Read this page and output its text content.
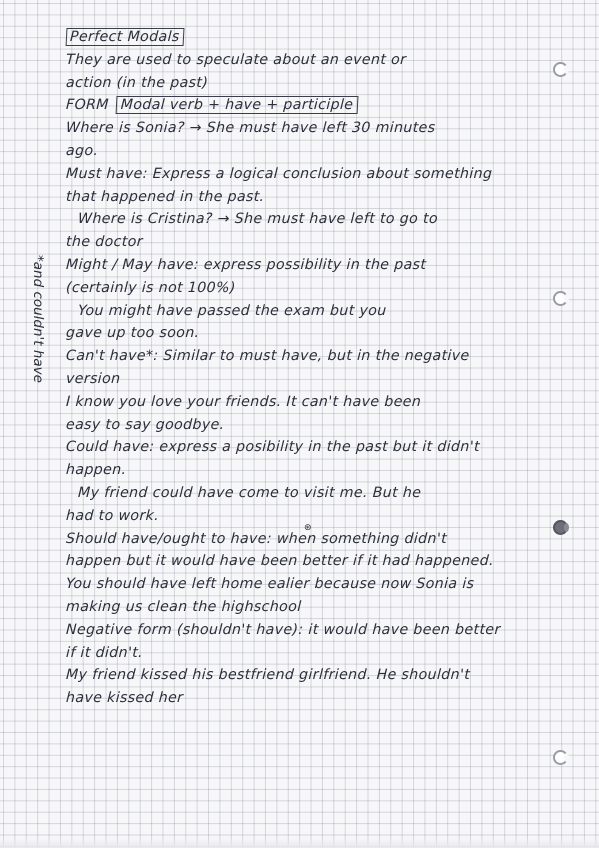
*and couldn't have
⊛
Perfect Modals
They are used to speculate about an event or
action (in the past)
FORM Modal verb + have + participle
Where is Sonia? → She must have left 30 minutes
ago.
Must have: Express a logical conclusion about something
that happened in the past.
Where is Cristina? → She must have left to go to
the doctor
Might / May have: express possibility in the past
(certainly is not 100%)
You might have passed the exam but you
gave up too soon.
Can't have*: Similar to must have, but in the negative
version
I know you love your friends. It can't have been
easy to say goodbye.
Could have: express a posibility in the past but it didn't
happen.
My friend could have come to visit me. But he
had to work.
Should have/ought to have: when something didn't
happen but it would have been better if it had happened.
You should have left home ealier because now Sonia is
making us clean the highschool
Negative form (shouldn't have): it would have been better
if it didn't.
My friend kissed his bestfriend girlfriend. He shouldn't
have kissed her
